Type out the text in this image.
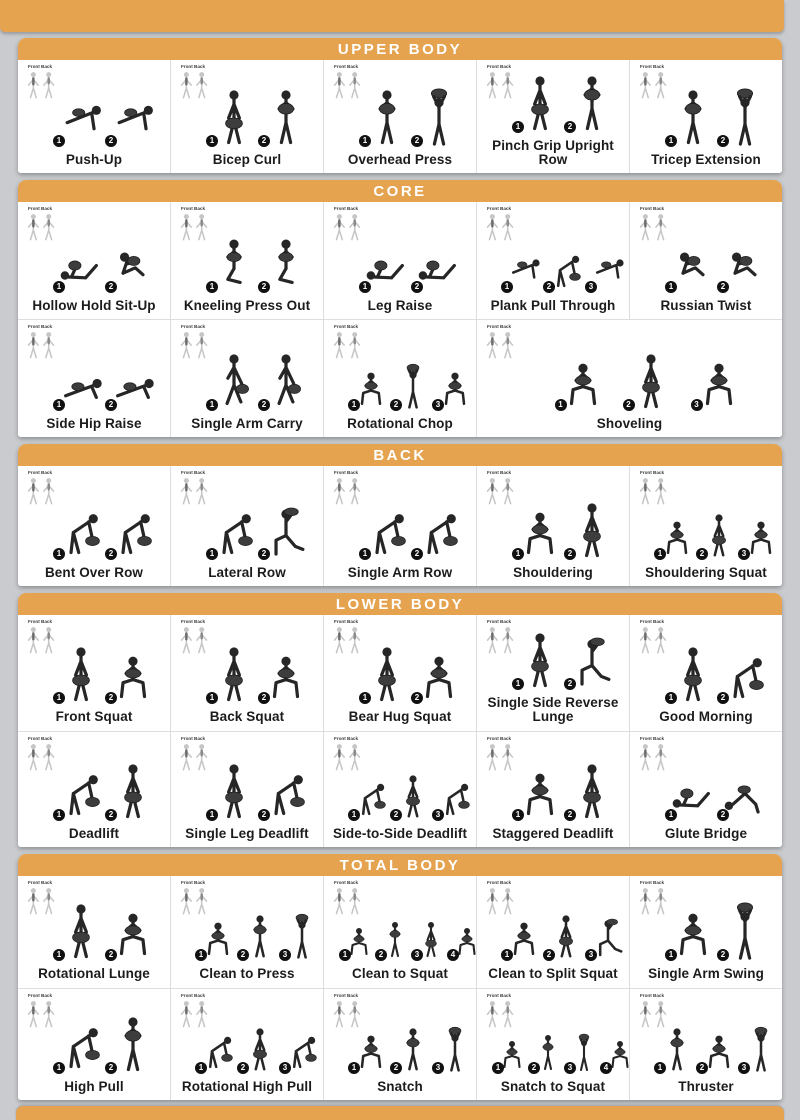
UPPER BODY
Front Back
1	2
Push-Up
Front Back
1	2
Bicep Curl
Front Back
1	2
Overhead Press
Front Back
1	2
Pinch Grip Upright Row
Front Back
1	2
Tricep Extension
CORE
Front Back
1	2
Hollow Hold Sit-Up
Front Back
1	2
Kneeling Press Out
Front Back
1	2
Leg Raise
Front Back
1	2	3
Plank Pull Through
Front Back
1	2
Russian Twist
Front Back
1	2
Side Hip Raise
Front Back
1	2
Single Arm Carry
Front Back
1	2	3
Rotational Chop
Front Back
1	2	3
Shoveling
BACK
Front Back
1	2
Bent Over Row
Front Back
1	2
Lateral Row
Front Back
1	2
Single Arm Row
Front Back
1	2
Shouldering
Front Back
1	2	3
Shouldering Squat
LOWER BODY
Front Back
1	2
Front Squat
Front Back
1	2
Back Squat
Front Back
1	2
Bear Hug Squat
Front Back
1	2
Single Side Reverse Lunge
Front Back
1	2
Good Morning
Front Back
1	2
Deadlift
Front Back
1	2
Single Leg Deadlift
Front Back
1	2	3
Side-to-Side Deadlift
Front Back
1	2
Staggered Deadlift
Front Back
1	2
Glute Bridge
TOTAL BODY
Front Back
1	2
Rotational Lunge
Front Back
1	2	3
Clean to Press
Front Back
1	2	3	4
Clean to Squat
Front Back
1	2	3
Clean to Split Squat
Front Back
1	2
Single Arm Swing
Front Back
1	2
High Pull
Front Back
1	2	3
Rotational High Pull
Front Back
1	2	3
Snatch
Front Back
1	2	3	4
Snatch to Squat
Front Back
1	2	3
Thruster
